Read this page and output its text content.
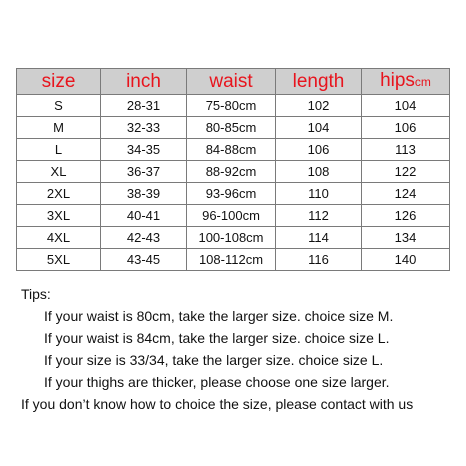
size	inch	waist	length	hipscm
S	28-31	75-80cm	102	104
M	32-33	80-85cm	104	106
L	34-35	84-88cm	106	113
XL	36-37	88-92cm	108	122
2XL	38-39	93-96cm	110	124
3XL	40-41	96-100cm	112	126
4XL	42-43	100-108cm	114	134
5XL	43-45	108-112cm	116	140
Tips:
If your waist is 80cm, take the larger size. choice size M.
If your waist is 84cm, take the larger size. choice size L.
If your size is 33/34, take the larger size. choice size L.
If your thighs are thicker, please choose one size larger.
If you don’t know how to choice the size, please contact with us
